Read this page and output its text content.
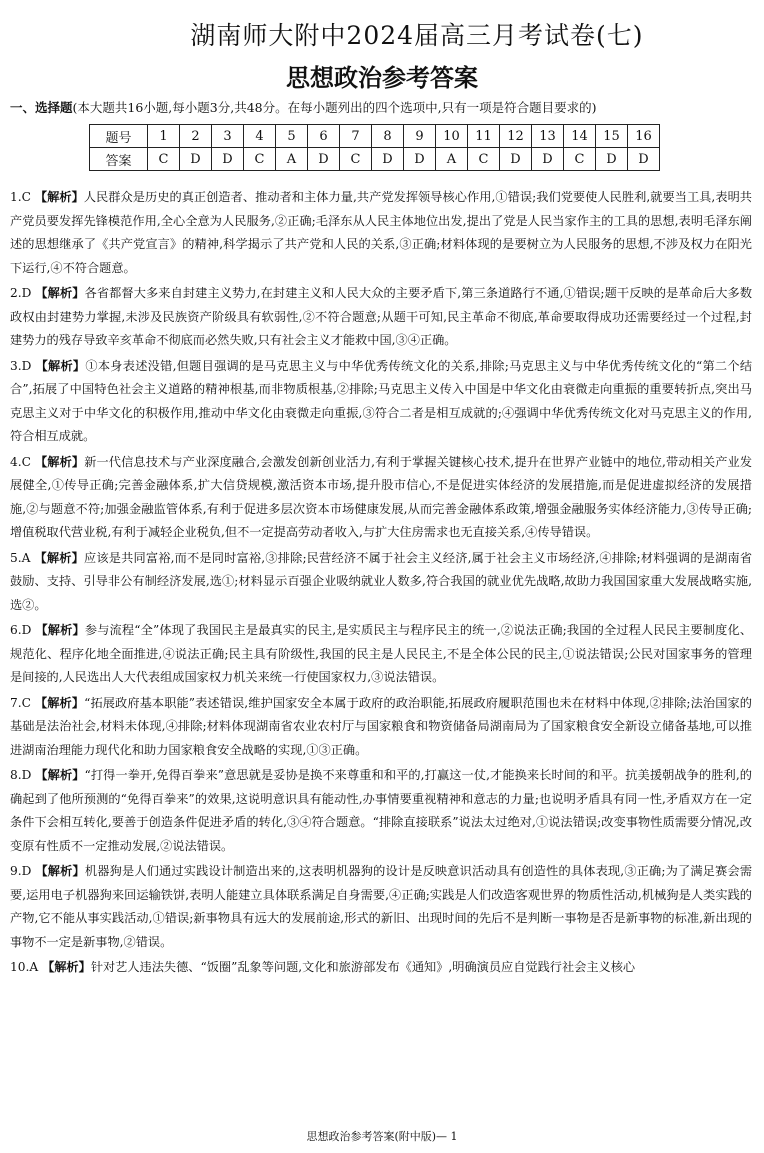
湖南师大附中2024届高三月考试卷(七)
思想政治参考答案
一、选择题(本大题共16小题,每小题3分,共48分。在每小题列出的四个选项中,只有一项是符合题目要求的)
题号	1	2	3	4	5	6	7	8	9	10	11	12	13	14	15	16
答案	C	D	D	C	A	D	C	D	D	A	C	D	D	C	D	D

1.C 【解析】人民群众是历史的真正创造者、推动者和主体力量,共产党发挥领导核心作用,①错误;我们党要使人民胜利,就要当工具,表明共产党员要发挥先锋模范作用,全心全意为人民服务,②正确;毛泽东从人民主体地位出发,提出了党是人民当家作主的工具的思想,表明毛泽东阐述的思想继承了《共产党宣言》的精神,科学揭示了共产党和人民的关系,③正确;材料体现的是要树立为人民服务的思想,不涉及权力在阳光下运行,④不符合题意。

2.D 【解析】各省都督大多来自封建主义势力,在封建主义和人民大众的主要矛盾下,第三条道路行不通,①错误;题干反映的是革命后大多数政权由封建势力掌握,未涉及民族资产阶级具有软弱性,②不符合题意;从题干可知,民主革命不彻底,革命要取得成功还需要经过一个过程,封建势力的残存导致辛亥革命不彻底而必然失败,只有社会主义才能救中国,③④正确。

3.D 【解析】①本身表述没错,但题目强调的是马克思主义与中华优秀传统文化的关系,排除;马克思主义与中华优秀传统文化的“第二个结合”,拓展了中国特色社会主义道路的精神根基,而非物质根基,②排除;马克思主义传入中国是中华文化由衰微走向重振的重要转折点,突出马克思主义对于中华文化的积极作用,推动中华文化由衰微走向重振,③符合二者是相互成就的;④强调中华优秀传统文化对马克思主义的作用,符合相互成就。

4.C 【解析】新一代信息技术与产业深度融合,会激发创新创业活力,有利于掌握关键核心技术,提升在世界产业链中的地位,带动相关产业发展健全,①传导正确;完善金融体系,扩大信贷规模,激活资本市场,提升股市信心,不是促进实体经济的发展措施,而是促进虚拟经济的发展措施,②与题意不符;加强金融监管体系,有利于促进多层次资本市场健康发展,从而完善金融体系政策,增强金融服务实体经济能力,③传导正确;增值税取代营业税,有利于减轻企业税负,但不一定提高劳动者收入,与扩大住房需求也无直接关系,④传导错误。

5.A 【解析】应该是共同富裕,而不是同时富裕,③排除;民营经济不属于社会主义经济,属于社会主义市场经济,④排除;材料强调的是湖南省鼓励、支持、引导非公有制经济发展,选①;材料显示百强企业吸纳就业人数多,符合我国的就业优先战略,故助力我国国家重大发展战略实施,选②。

6.D 【解析】参与流程“全”体现了我国民主是最真实的民主,是实质民主与程序民主的统一,②说法正确;我国的全过程人民民主要制度化、规范化、程序化地全面推进,④说法正确;民主具有阶级性,我国的民主是人民民主,不是全体公民的民主,①说法错误;公民对国家事务的管理是间接的,人民选出人大代表组成国家权力机关来统一行使国家权力,③说法错误。

7.C 【解析】“拓展政府基本职能”表述错误,维护国家安全本属于政府的政治职能,拓展政府履职范围也未在材料中体现,②排除;法治国家的基础是法治社会,材料未体现,④排除;材料体现湖南省农业农村厅与国家粮食和物资储备局湖南局为了国家粮食安全新设立储备基地,可以推进湖南治理能力现代化和助力国家粮食安全战略的实现,①③正确。

8.D 【解析】“打得一拳开,免得百拳来”意思就是妥协是换不来尊重和和平的,打赢这一仗,才能换来长时间的和平。抗美援朝战争的胜利,的确起到了他所预测的“免得百拳来”的效果,这说明意识具有能动性,办事情要重视精神和意志的力量;也说明矛盾具有同一性,矛盾双方在一定条件下会相互转化,要善于创造条件促进矛盾的转化,③④符合题意。“排除直接联系”说法太过绝对,①说法错误;改变事物性质需要分情况,改变原有性质不一定推动发展,②说法错误。

9.D 【解析】机器狗是人们通过实践设计制造出来的,这表明机器狗的设计是反映意识活动具有创造性的具体表现,③正确;为了满足赛会需要,运用电子机器狗来回运输铁饼,表明人能建立具体联系满足自身需要,④正确;实践是人们改造客观世界的物质性活动,机械狗是人类实践的产物,它不能从事实践活动,①错误;新事物具有远大的发展前途,形式的新旧、出现时间的先后不是判断一事物是否是新事物的标准,新出现的事物不一定是新事物,②错误。

10.A 【解析】针对艺人违法失德、“饭圈”乱象等问题,文化和旅游部发布《通知》,明确演员应自觉践行社会主义核心

思想政治参考答案(附中版)— 1
